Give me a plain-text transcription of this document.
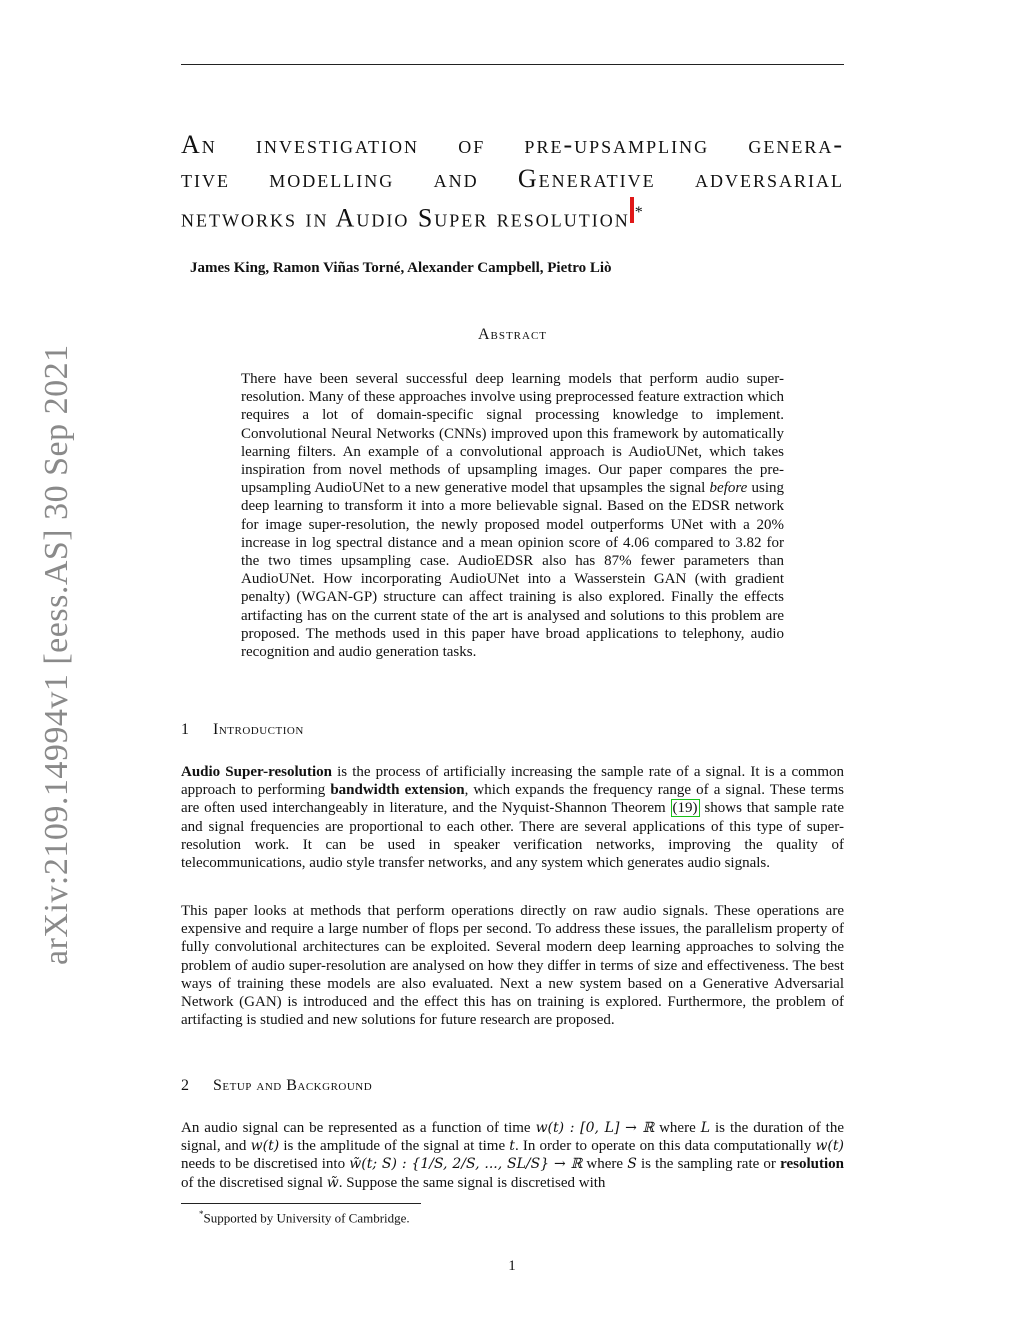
An investigation of pre-upsampling genera-
tive modelling and Generative adversarial
networks in Audio Super resolution *
James King, Ramon Viñas Torné, Alexander Campbell, Pietro Liò
Abstract
There have been several successful deep learning models that perform audio super-resolution. Many of these approaches involve using preprocessed feature extraction which requires a lot of domain-specific signal processing knowledge to implement. Convolutional Neural Networks (CNNs) improved upon this framework by automatically learning filters. An example of a convolutional approach is AudioUNet, which takes inspiration from novel methods of upsampling images. Our paper compares the pre-upsampling AudioUNet to a new generative model that upsamples the signal before using deep learning to transform it into a more believable signal. Based on the EDSR network for image super-resolution, the newly proposed model outperforms UNet with a 20% increase in log spectral distance and a mean opinion score of 4.06 compared to 3.82 for the two times upsampling case. AudioEDSR also has 87% fewer parameters than AudioUNet. How incorporating AudioUNet into a Wasserstein GAN (with gradient penalty) (WGAN-GP) structure can affect training is also explored. Finally the effects artifacting has on the current state of the art is analysed and solutions to this problem are proposed. The methods used in this paper have broad applications to telephony, audio recognition and audio generation tasks.
1 Introduction
Audio Super-resolution is the process of artificially increasing the sample rate of a signal. It is a common approach to performing bandwidth extension, which expands the frequency range of a signal. These terms are often used interchangeably in literature, and the Nyquist-Shannon Theorem (19) shows that sample rate and signal frequencies are proportional to each other. There are several applications of this type of super-resolution work. It can be used in speaker verification networks, improving the quality of telecommunications, audio style transfer networks, and any system which generates audio signals.
This paper looks at methods that perform operations directly on raw audio signals. These operations are expensive and require a large number of flops per second. To address these issues, the parallelism property of fully convolutional architectures can be exploited. Several modern deep learning approaches to solving the problem of audio super-resolution are analysed on how they differ in terms of size and effectiveness. The best ways of training these models are also evaluated. Next a new system based on a Generative Adversarial Network (GAN) is introduced and the effect this has on training is explored. Furthermore, the problem of artifacting is studied and new solutions for future research are proposed.
2 Setup and Background
An audio signal can be represented as a function of time w(t) : [0, L] → ℝ where L is the duration of the signal, and w(t) is the amplitude of the signal at time t. In order to operate on this data computationally w(t) needs to be discretised into w̃(t; S) : {1/S, 2/S, ..., SL/S} → ℝ where S is the sampling rate or resolution of the discretised signal w̃. Suppose the same signal is discretised with
*Supported by University of Cambridge.
1
arXiv:2109.14994v1 [eess.AS] 30 Sep 2021
